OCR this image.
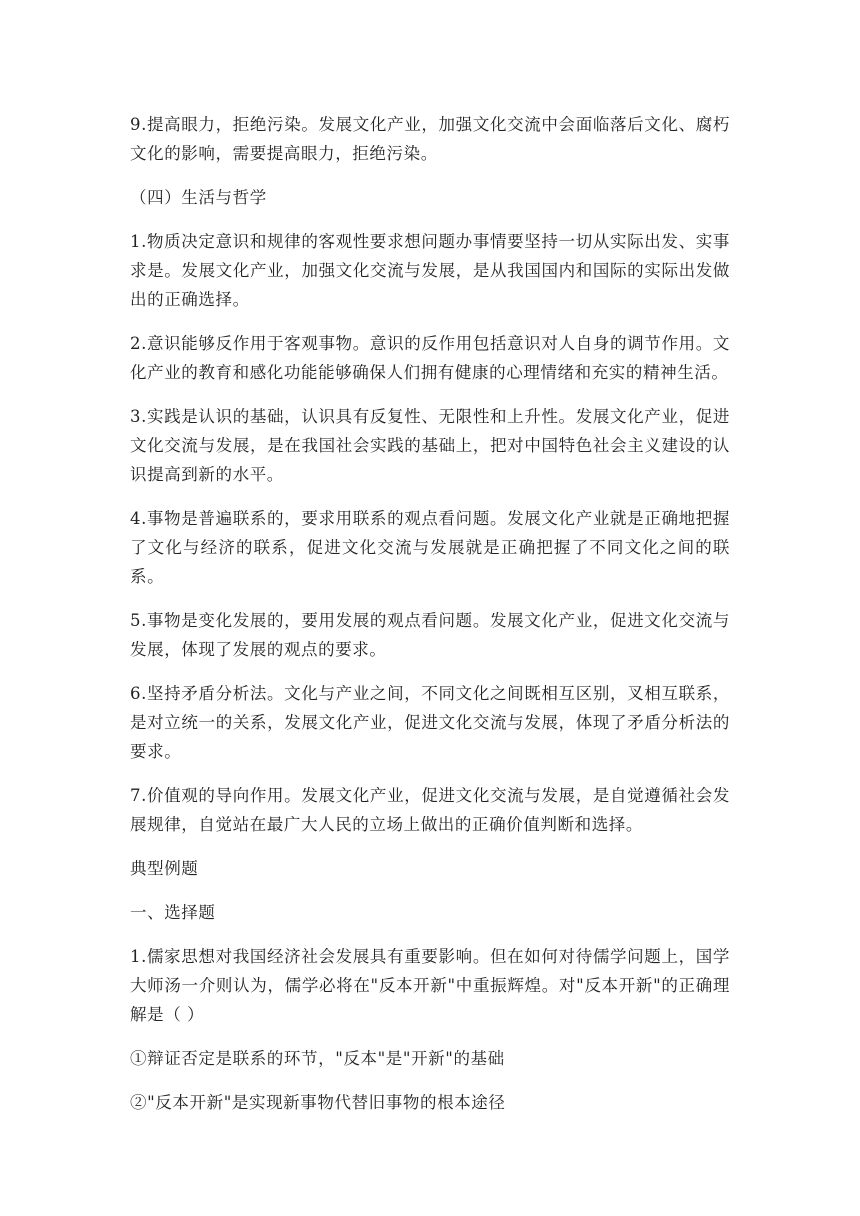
9.提高眼力，拒绝污染。发展文化产业，加强文化交流中会面临落后文化、腐朽文化的影响，需要提高眼力，拒绝污染。

（四）生活与哲学

1.物质决定意识和规律的客观性要求想问题办事情要坚持一切从实际出发、实事求是。发展文化产业，加强文化交流与发展，是从我国国内和国际的实际出发做出的正确选择。

2.意识能够反作用于客观事物。意识的反作用包括意识对人自身的调节作用。文化产业的教育和感化功能能够确保人们拥有健康的心理情绪和充实的精神生活。

3.实践是认识的基础，认识具有反复性、无限性和上升性。发展文化产业，促进文化交流与发展，是在我国社会实践的基础上，把对中国特色社会主义建设的认识提高到新的水平。

4.事物是普遍联系的，要求用联系的观点看问题。发展文化产业就是正确地把握了文化与经济的联系，促进文化交流与发展就是正确把握了不同文化之间的联系。

5.事物是变化发展的，要用发展的观点看问题。发展文化产业，促进文化交流与发展，体现了发展的观点的要求。

6.坚持矛盾分析法。文化与产业之间，不同文化之间既相互区别，叉相互联系，是对立统一的关系，发展文化产业，促进文化交流与发展，体现了矛盾分析法的要求。

7.价值观的导向作用。发展文化产业，促进文化交流与发展，是自觉遵循社会发展规律，自觉站在最广大人民的立场上做出的正确价值判断和选择。

典型例题

一、选择题

1.儒家思想对我国经济社会发展具有重要影响。但在如何对待儒学问题上，国学大师汤一介则认为，儒学必将在"反本开新"中重振辉煌。对"反本开新"的正确理解是（ ）

①辩证否定是联系的环节，"反本"是"开新"的基础

②"反本开新"是实现新事物代替旧事物的根本途径
